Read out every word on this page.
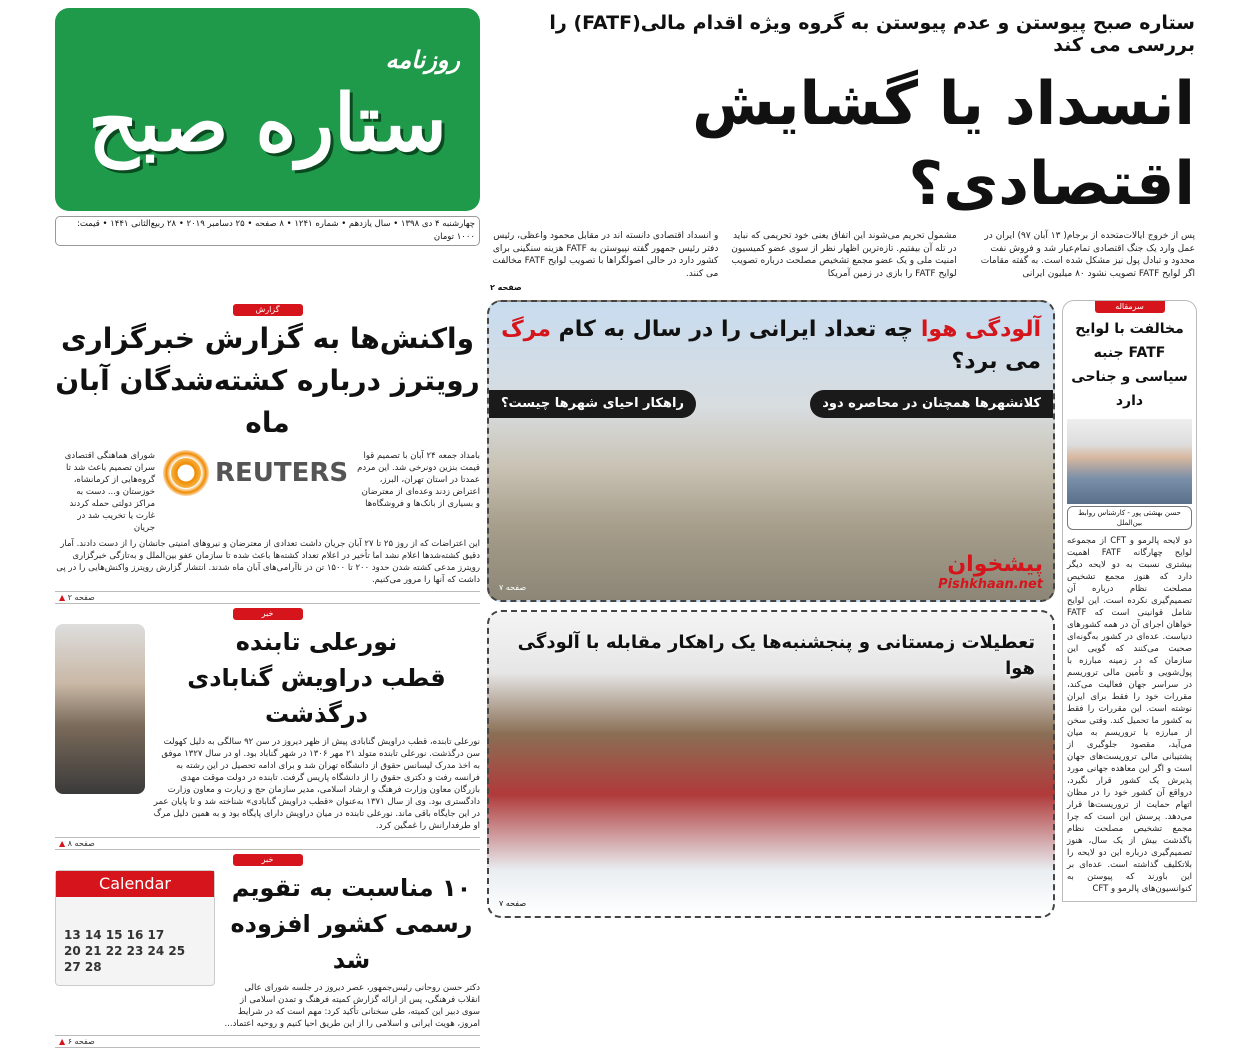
روزنامه
ستاره صبح
چهارشنبه ۴ دی ۱۳۹۸ • سال یازدهم • شماره ۱۲۴۱ • ۸ صفحه • ۲۵ دسامبر ۲۰۱۹ • ۲۸ ربیع‌الثانی ۱۴۴۱ • قیمت: ۱۰۰۰ تومان
ستاره صبح پیوستن و عدم پیوستن به گروه ویژه اقدام مالی(FATF) را بررسی می کند
انسداد یا گشایش اقتصادی؟
پس از خروج ایالات‌متحده از برجام( ۱۳ آبان ۹۷) ایران در عمل وارد یک جنگ اقتصادی تمام‌عیار شد و فروش نفت محدود و تبادل پول نیز مشکل شده است. به گفته مقامات اگر لوایح FATF تصویب نشود ۸۰ میلیون ایرانی
مشمول تحریم می‌شوند این اتفاق یعنی خود تحریمی که نباید در تله آن بیفتیم. تازه‌ترین اظهار نظر از سوی عضو کمیسیون امنیت ملی و یک عضو مجمع تشخیص مصلحت درباره تصویب لوایح FATF را بازی در زمین آمریکا
و انسداد اقتصادی دانسته اند در مقابل محمود واعظی، رئیس دفتر رئیس جمهور گفته نپیوستن به FATF هزینه سنگینی برای کشور دارد در حالی اصولگراها با تصویب لوایح FATF مخالفت می کنند.
صفحه ۲
گزارش
واکنش‌ها به گزارش خبرگزاری رویترز درباره کشته‌شدگان آبان ماه
شورای هماهنگی اقتصادی سران تصمیم باعث شد تا گروه‌هایی از کرمانشاه، خوزستان و... دست به مراکز دولتی حمله کردند غارت یا تخریب شد در جریان
REUTERS
بامداد جمعه ۲۴ آبان با تصمیم قوا قیمت بنزین دونرخی شد. این مردم عمدتا در استان تهران، البرز، اعتراض زدند وعده‌ای از معترضان و بسیاری از بانک‌ها و فروشگاه‌ها
این اعتراضات که از روز ۲۵ تا ۲۷ آبان جریان داشت تعدادی از معترضان و نیروهای امنیتی جانشان را از دست دادند. آمار دقیق کشته‌شدها اعلام نشد اما تأخیر در اعلام تعداد کشته‌ها باعث شده تا سازمان عفو بین‌الملل و به‌تازگی خبرگزاری رویترز مدعی کشته شدن حدود ۲۰۰ تا ۱۵۰۰ تن در ناآرامی‌های آبان ماه شدند. انتشار گزارش رویترز واکنش‌هایی را در پی داشت که آنها را مرور می‌کنیم.
▲ صفحه ۲
خبر
نورعلی تابنده
قطب دراویش گنابادی درگذشت
نورعلی تابنده، قطب دراویش گنابادی پیش از ظهر دیروز در سن ۹۲ سالگی به دلیل کهولت سن درگذشت. نورعلی تابنده متولد ۲۱ مهر ۱۳۰۶ در شهر گناباد بود. او در سال ۱۳۲۷ موفق به اخذ مدرک لیسانس حقوق از دانشگاه تهران شد و برای ادامه تحصیل در این رشته به فرانسه رفت و دکتری حقوق را از دانشگاه پاریس گرفت. تابنده در دولت موقت مهدی بازرگان معاون وزارت فرهنگ و ارشاد اسلامی، مدیر سازمان حج و زیارت و معاون وزارت دادگستری بود. وی از سال ۱۳۷۱ به‌عنوان «قطب دراویش گنابادی» شناخته شد و تا پایان عمر در این جایگاه باقی ماند. نورعلی تابنده در میان دراویش دارای پایگاه بود و به همین دلیل مرگ او طرفدارانش را غمگین کرد.
▲ صفحه ۸
خبر
Calendar
13 14 15 16 17
20 21 22 23 24 25
27 28
۱۰ مناسبت به تقویم
رسمی کشور افزوده شد
دکتر حسن روحانی رئیس‌جمهور، عصر دیروز در جلسه شورای عالی انقلاب فرهنگی، پس از ارائه گزارش کمیته فرهنگ و تمدن اسلامی از سوی دبیر این کمیته، طی سخنانی تأکید کرد: مهم است که در شرایط امروز، هویت ایرانی و اسلامی را از این طریق احیا کنیم و روحیه اعتماد...
▲ صفحه ۶
آلودگی هوا چه تعداد ایرانی را در سال به کام مرگ می برد؟
راهکار احیای شهرها چیست؟	کلانشهرها همچنان در محاصره دود
صفحه ۷
پیشخوان
Pishkhaan.net
تعطیلات زمستانی و پنجشنبه‌ها یک راهکار مقابله با آلودگی هوا
صفحه ۷
سرمقاله
مخالفت با لوایح FATF جنبه سیاسی و جناحی دارد
حسن بهشتی پور - کارشناس روابط بین‌الملل
دو لایحه پالرمو و CFT از مجموعه لوایح چهارگانه FATF اهمیت بیشتری نسبت به دو لایحه دیگر دارد که هنوز مجمع تشخیص مصلحت نظام درباره آن تصمیم‌گیری نکرده است. این لوایح شامل قوانینی است که FATF خواهان اجرای آن در همه کشورهای دنیاست. عده‌ای در کشور به‌گونه‌ای صحبت می‌کنند که گویی این سازمان که در زمینه مبارزه با پول‌شویی و تأمین مالی تروریسم در سراسر جهان فعالیت می‌کند، مقررات خود را فقط برای ایران نوشته است. این مقررات را فقط به کشور ما تحمیل کند. وقتی سخن از مبارزه با تروریسم به میان می‌آید، مقصود جلوگیری از پشتیبانی مالی تروریست‌های جهان است و اگر این معاهده جهانی مورد پذیرش یک کشور قرار نگیرد، درواقع آن کشور خود را در مظان اتهام حمایت از تروریست‌ها قرار می‌دهد. پرسش این است که چرا مجمع تشخیص مصلحت نظام باگذشت بیش از یک سال، هنوز تصمیم‌گیری درباره این دو لایحه را بلاتکلیف گذاشته است. عده‌ای بر این باورند که پیوستن به کنوانسیون‌های پالرمو و CFT
